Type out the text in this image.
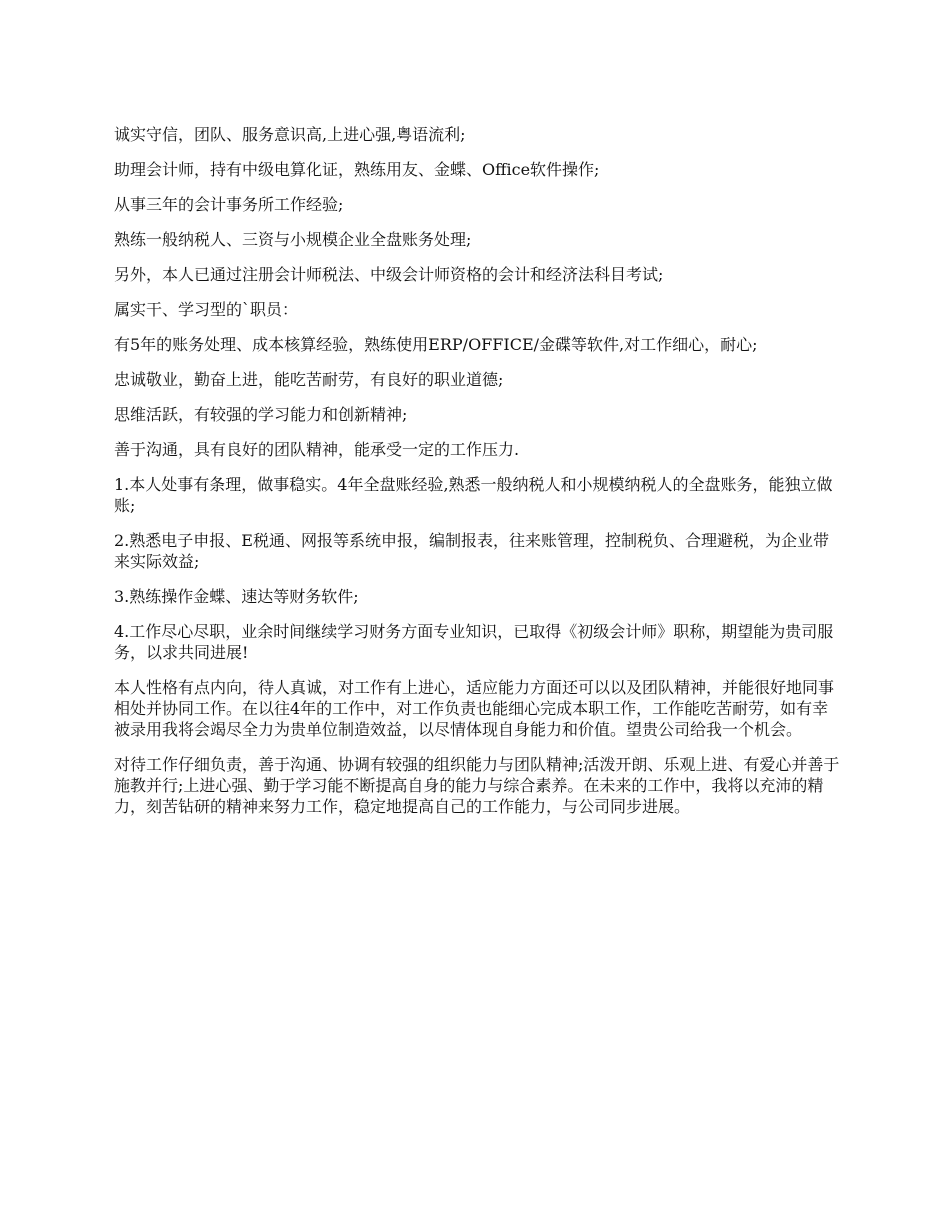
诚实守信，团队、服务意识高,上进心强,粤语流利;

助理会计师，持有中级电算化证，熟练用友、金蝶、Office软件操作;

从事三年的会计事务所工作经验;

熟练一般纳税人、三资与小规模企业全盘账务处理;

另外，本人已通过注册会计师税法、中级会计师资格的会计和经济法科目考试;

属实干、学习型的`职员：

有5年的账务处理、成本核算经验，熟练使用ERP/OFFICE/金碟等软件,对工作细心，耐心;

忠诚敬业，勤奋上进，能吃苦耐劳，有良好的职业道德;

思维活跃，有较强的学习能力和创新精神;

善于沟通，具有良好的团队精神，能承受一定的工作压力.

1.本人处事有条理，做事稳实。4年全盘账经验,熟悉一般纳税人和小规模纳税人的全盘账务，能独立做账;

2.熟悉电子申报、E税通、网报等系统申报，编制报表，往来账管理，控制税负、合理避税，为企业带来实际效益;

3.熟练操作金蝶、速达等财务软件;

4.工作尽心尽职，业余时间继续学习财务方面专业知识，已取得《初级会计师》职称，期望能为贵司服务，以求共同进展!

本人性格有点内向，待人真诚，对工作有上进心，适应能力方面还可以以及团队精神，并能很好地同事相处并协同工作。在以往4年的工作中，对工作负责也能细心完成本职工作，工作能吃苦耐劳，如有幸被录用我将会竭尽全力为贵单位制造效益，以尽情体现自身能力和价值。望贵公司给我一个机会。

对待工作仔细负责，善于沟通、协调有较强的组织能力与团队精神;活泼开朗、乐观上进、有爱心并善于施教并行;上进心强、勤于学习能不断提高自身的能力与综合素养。在未来的工作中，我将以充沛的精力，刻苦钻研的精神来努力工作，稳定地提高自己的工作能力，与公司同步进展。
